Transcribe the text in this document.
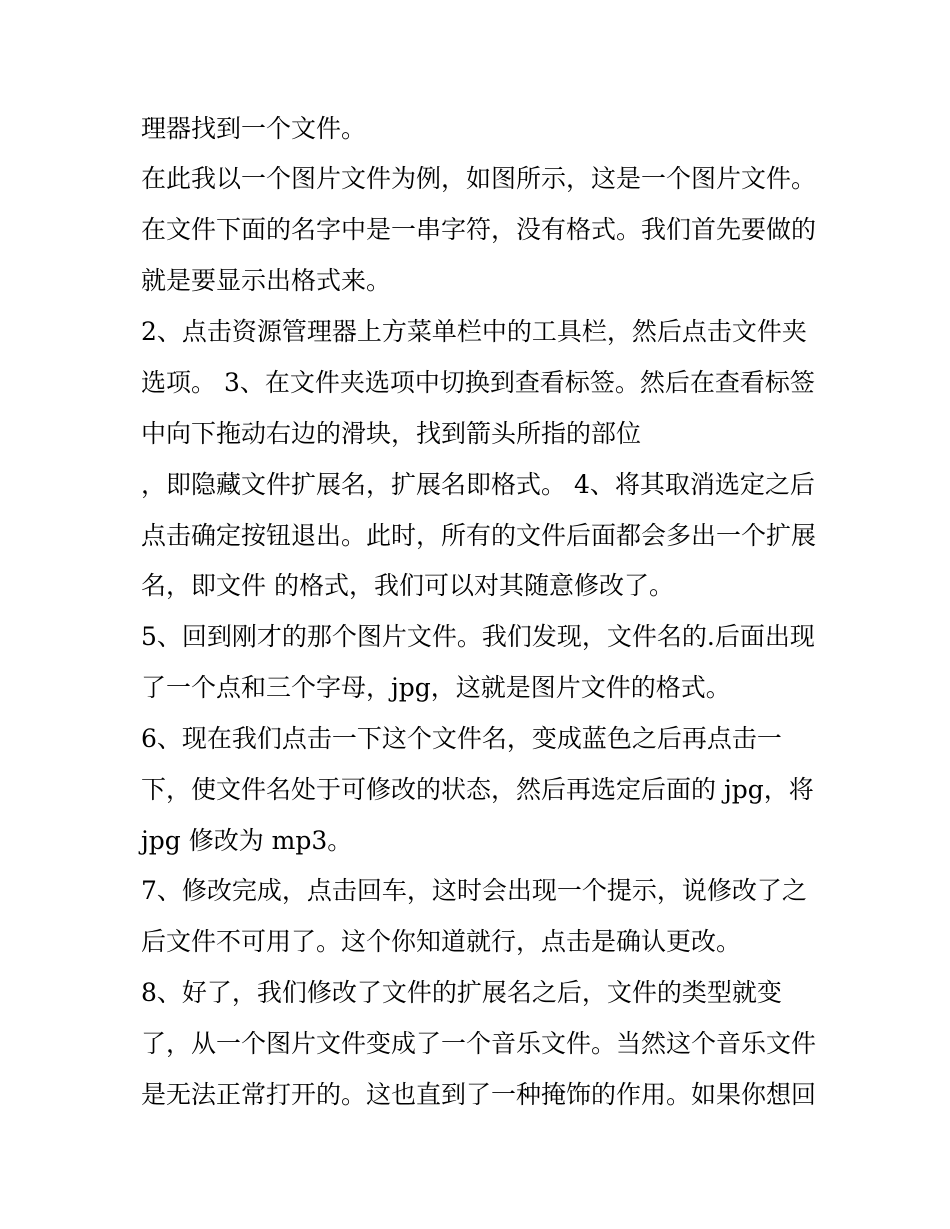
理器找到一个文件。
在此我以一个图片文件为例，如图所示，这是一个图片文件。
在文件下面的名字中是一串字符，没有格式。我们首先要做的
就是要显示出格式来。
2、点击资源管理器上方菜单栏中的工具栏，然后点击文件夹
选项。 3、在文件夹选项中切换到查看标签。然后在查看标签
中向下拖动右边的滑块，找到箭头所指的部位
，即隐藏文件扩展名，扩展名即格式。 4、将其取消选定之后
点击确定按钮退出。此时，所有的文件后面都会多出一个扩展
名，即文件 的格式，我们可以对其随意修改了。
5、回到刚才的那个图片文件。我们发现，文件名的.后面出现
了一个点和三个字母，jpg，这就是图片文件的格式。
6、现在我们点击一下这个文件名，变成蓝色之后再点击一
下，使文件名处于可修改的状态，然后再选定后面的 jpg，将
jpg 修改为 mp3。
7、修改完成，点击回车，这时会出现一个提示，说修改了之
后文件不可用了。这个你知道就行，点击是确认更改。
8、好了，我们修改了文件的扩展名之后，文件的类型就变
了，从一个图片文件变成了一个音乐文件。当然这个音乐文件
是无法正常打开的。这也直到了一种掩饰的作用。如果你想回
